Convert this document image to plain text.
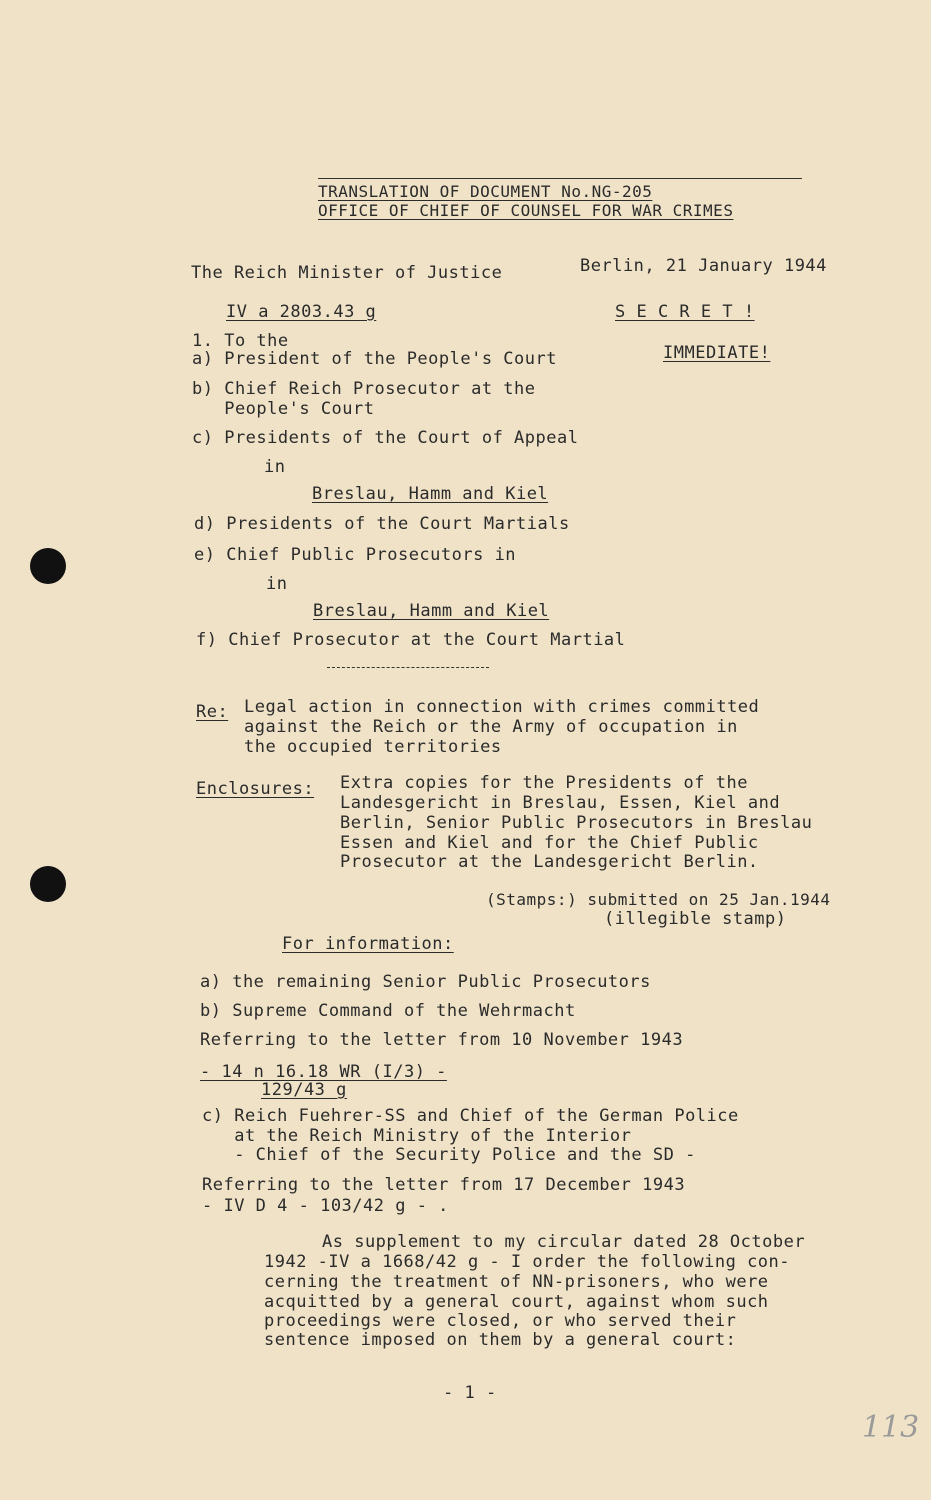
TRANSLATION OF DOCUMENT No.NG-205
OFFICE OF CHIEF OF COUNSEL FOR WAR CRIMES
The Reich Minister of Justice	Berlin, 21 January 1944
IV a 2803.43 g	S E C R E T !
1. To the
a) President of the People's Court	IMMEDIATE!
b) Chief Reich Prosecutor at the
People's Court
c) Presidents of the Court of Appeal
in
Breslau, Hamm and Kiel
d) Presidents of the Court Martials
e) Chief Public Prosecutors in
in
Breslau, Hamm and Kiel
f) Chief Prosecutor at the Court Martial
Re: Legal action in connection with crimes committed
against the Reich or the Army of occupation in
the occupied territories
Enclosures: Extra copies for the Presidents of the
Landesgericht in Breslau, Essen, Kiel and
Berlin, Senior Public Prosecutors in Breslau
Essen and Kiel and for the Chief Public
Prosecutor at the Landesgericht Berlin.
(Stamps:) submitted on 25 Jan.1944
(illegible stamp)
For information:
a) the remaining Senior Public Prosecutors
b) Supreme Command of the Wehrmacht
Referring to the letter from 10 November 1943
- 14 n 16.18 WR (I/3) -
129/43 g
c) Reich Fuehrer-SS and Chief of the German Police
at the Reich Ministry of the Interior
- Chief of the Security Police and the SD -
Referring to the letter from 17 December 1943
- IV D 4 - 103/42 g - .
As supplement to my circular dated 28 October
1942 -IV a 1668/42 g - I order the following con-
cerning the treatment of NN-prisoners, who were
acquitted by a general court, against whom such
proceedings were closed, or who served their
sentence imposed on them by a general court:
- 1 -
113
